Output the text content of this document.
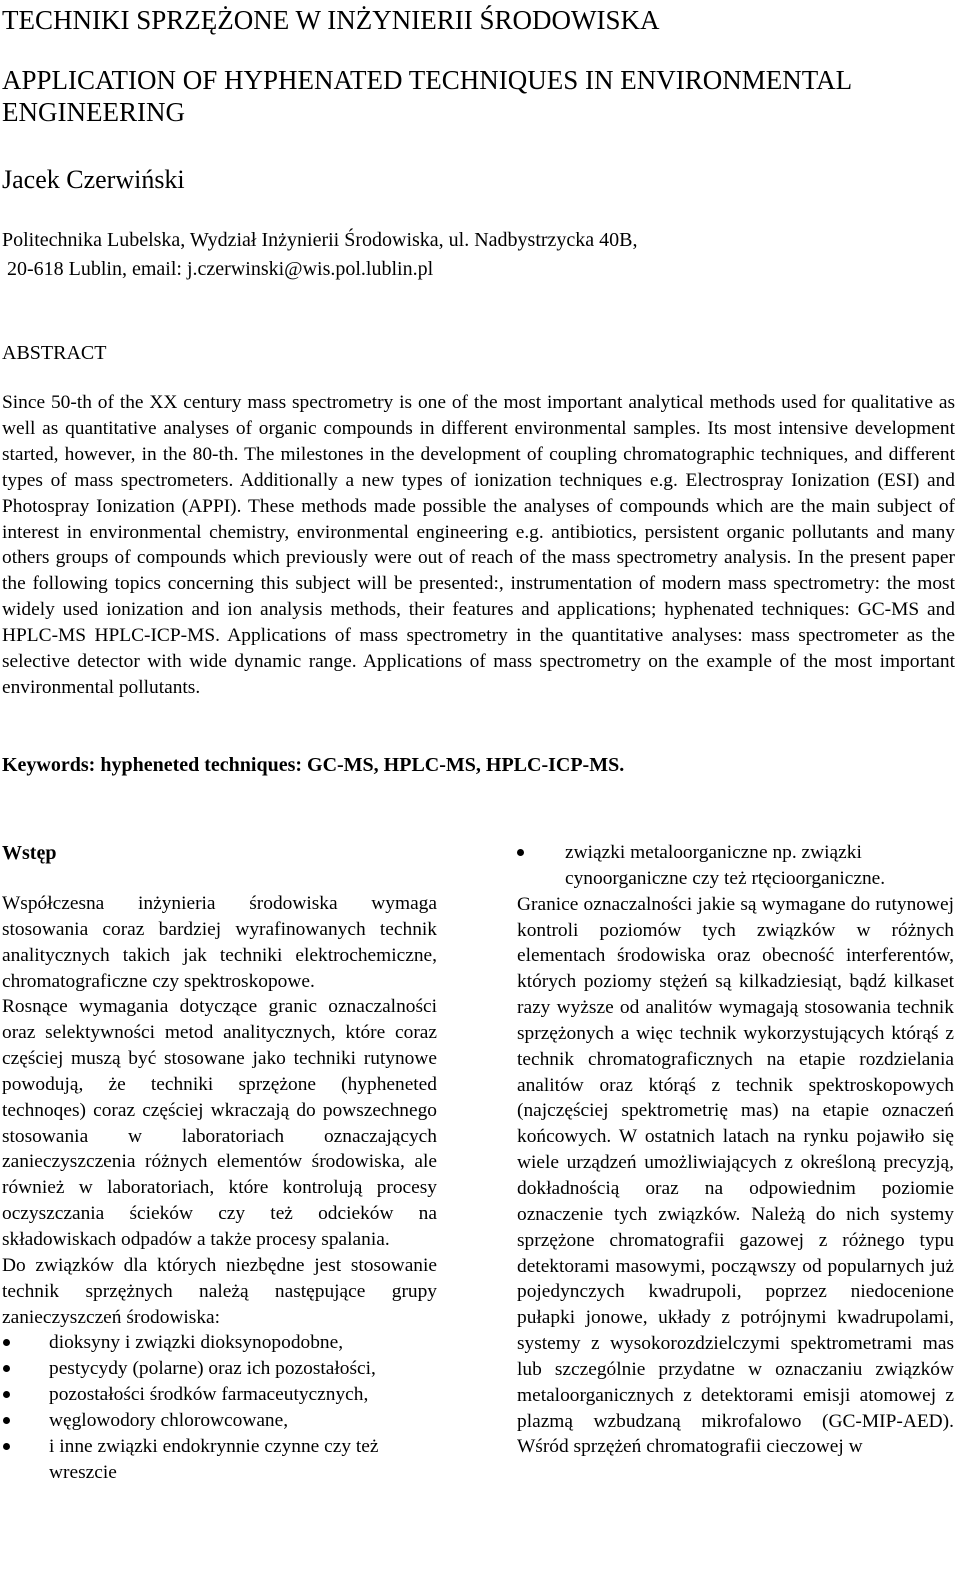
TECHNIKI SPRZĘŻONE W INŻYNIERII ŚRODOWISKA
APPLICATION OF HYPHENATED TECHNIQUES IN ENVIRONMENTAL ENGINEERING
Jacek Czerwiński
Politechnika Lubelska, Wydział Inżynierii Środowiska, ul. Nadbystrzycka 40B,
20-618 Lublin, email: j.czerwinski@wis.pol.lublin.pl
ABSTRACT

Since 50-th of the XX century mass spectrometry is one of the most important analytical methods used for qualitative as well as quantitative analyses of organic compounds in different environmental samples. Its most intensive development started, however, in the 80-th. The milestones in the development of coupling chromatographic techniques, and different types of mass spectrometers. Additionally a new types of ionization techniques e.g. Electrospray Ionization (ESI) and Photospray Ionization (APPI). These methods made possible the analyses of compounds which are the main subject of interest in environmental chemistry, environmental engineering e.g. antibiotics, persistent organic pollutants and many others groups of compounds which previously were out of reach of the mass spectrometry analysis. In the present paper the following topics concerning this subject will be presented:, instrumentation of modern mass spectrometry: the most widely used ionization and ion analysis methods, their features and applications; hyphenated techniques: GC-MS and HPLC-MS HPLC-ICP-MS. Applications of mass spectrometry in the quantitative analyses: mass spectrometer as the selective detector with wide dynamic range. Applications of mass spectrometry on the example of the most important environmental pollutants.

Keywords: hypheneted techniques: GC-MS, HPLC-MS, HPLC-ICP-MS.
Wstęp

Współczesna inżynieria środowiska wymaga stosowania coraz bardziej wyrafinowanych technik analitycznych takich jak techniki elektrochemiczne, chromatograficzne czy spektroskopowe.

Rosnące wymagania dotyczące granic oznaczalności oraz selektywności metod analitycznych, które coraz częściej muszą być stosowane jako techniki rutynowe powodują, że techniki sprzężone (hypheneted technoqes) coraz częściej wkraczają do powszechnego stosowania w laboratoriach oznaczających zanieczyszczenia różnych elementów środowiska, ale również w laboratoriach, które kontrolują procesy oczyszczania ścieków czy też odcieków na składowiskach odpadów a także procesy spalania.

Do związków dla których niezbędne jest stosowanie technik sprzężnych należą następujące grupy zanieczyszczeń środowiska:

dioksyny i związki dioksynopodobne,
pestycydy (polarne) oraz ich pozostałości,
pozostałości środków farmaceutycznych,
węglowodory chlorowcowane,
i inne związki endokrynnie czynne czy też wreszcie
związki metaloorganiczne np. związki cynoorganiczne czy też rtęcioorganiczne.

Granice oznaczalności jakie są wymagane do rutynowej kontroli poziomów tych związków w różnych elementach środowiska oraz obecność interferentów, których poziomy stężeń są kilkadziesiąt, bądź kilkaset razy wyższe od analitów wymagają stosowania technik sprzężonych a więc technik wykorzystujących którąś z technik chromatograficznych na etapie rozdzielania analitów oraz którąś z technik spektroskopowych (najczęściej spektrometrię mas) na etapie oznaczeń końcowych. W ostatnich latach na rynku pojawiło się wiele urządzeń umożliwiających z określoną precyzją, dokładnością oraz na odpowiednim poziomie oznaczenie tych związków. Należą do nich systemy sprzężone chromatografii gazowej z różnego typu detektorami masowymi, począwszy od popularnych już pojedynczych kwadrupoli, poprzez niedocenione pułapki jonowe, układy z potrójnymi kwadrupolami, systemy z wysokorozdzielczymi spektrometrami mas lub szczególnie przydatne w oznaczaniu związków metaloorganicznych z detektorami emisji atomowej z plazmą wzbudzaną mikrofalowo (GC-MIP-AED). Wśród sprzężeń chromatografii cieczowej w
